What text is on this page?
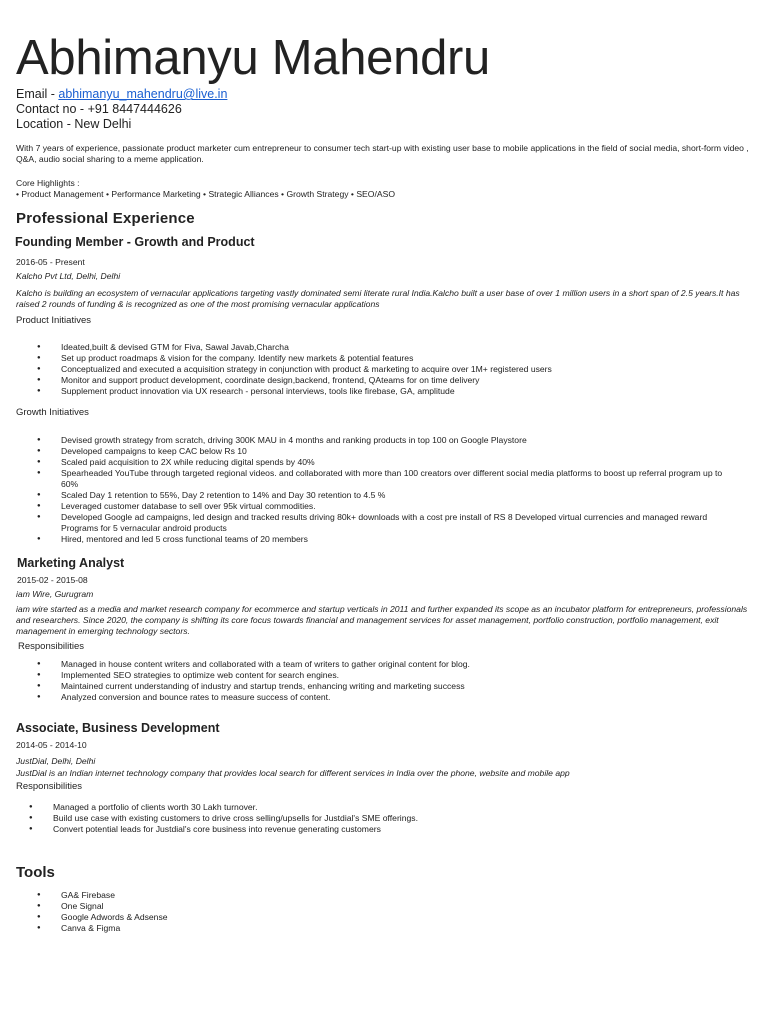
Abhimanyu Mahendru
Email - abhimanyu_mahendru@live.in
Contact no - +91 8447444626
Location - New Delhi
With 7 years of experience, passionate product marketer cum entrepreneur to consumer tech start-up with existing user base to mobile applications in the field of social media, short-form video , Q&A, audio social sharing to a meme application.
Core Highlights :
• Product Management • Performance Marketing • Strategic Alliances • Growth Strategy • SEO/ASO
Professional Experience
Founding Member - Growth and Product
2016-05 - Present
Kalcho Pvt Ltd, Delhi, Delhi
Kalcho is building an ecosystem of vernacular applications targeting vastly dominated semi literate rural India.Kalcho built a user base of over 1 million users in a short span of 2.5 years.It has raised 2 rounds of funding & is recognized as one of the most promising vernacular applications
Product Initiatives
● Ideated,built & devised GTM for Fiva, Sawal Javab,Charcha
● Set up product roadmaps & vision for the company. Identify new markets & potential features
● Conceptualized and executed a acquisition strategy in conjunction with product & marketing to acquire over 1M+ registered users
● Monitor and support product development, coordinate design,backend, frontend, QAteams for on time delivery
● Supplement product innovation via UX research - personal interviews, tools like firebase, GA, amplitude
Growth Initiatives
● Devised growth strategy from scratch, driving 300K MAU in 4 months and ranking products in top 100 on Google Playstore
● Developed campaigns to keep CAC below Rs 10
● Scaled paid acquisition to 2X while reducing digital spends by 40%
● Spearheaded YouTube through targeted regional videos. and collaborated with more than 100 creators over different social media platforms to boost up referral program up to 60%
● Scaled Day 1 retention to 55%, Day 2 retention to 14% and Day 30 retention to 4.5 %
● Leveraged customer database to sell over 95k virtual commodities.
● Developed Google ad campaigns, led design and tracked results driving 80k+ downloads with a cost pre install of RS 8 Developed virtual currencies and managed reward Programs for 5 vernacular android products
● Hired, mentored and led 5 cross functional teams of 20 members
Marketing Analyst
2015-02 - 2015-08
iam Wire, Gurugram
iam wire started as a media and market research company for ecommerce and startup verticals in 2011 and further expanded its scope as an incubator platform for entrepreneurs, professionals and researchers. Since 2020, the company is shifting its core focus towards financial and management services for asset management, portfolio construction, portfolio management, exit management in emerging technology sectors.
Responsibilities
● Managed in house content writers and collaborated with a team of writers to gather original content for blog.
● Implemented SEO strategies to optimize web content for search engines.
● Maintained current understanding of industry and startup trends, enhancing writing and marketing success
● Analyzed conversion and bounce rates to measure success of content.
Associate, Business Development
2014-05 - 2014-10
JustDial, Delhi, Delhi
JustDial is an Indian internet technology company that provides local search for different services in India over the phone, website and mobile app
Responsibilities
● Managed a portfolio of clients worth 30 Lakh turnover.
● Build use case with existing customers to drive cross selling/upsells for Justdial's SME offerings.
● Convert potential leads for Justdial's core business into revenue generating customers
Tools
● GA& Firebase
● One Signal
● Google Adwords & Adsense
● Canva & Figma
